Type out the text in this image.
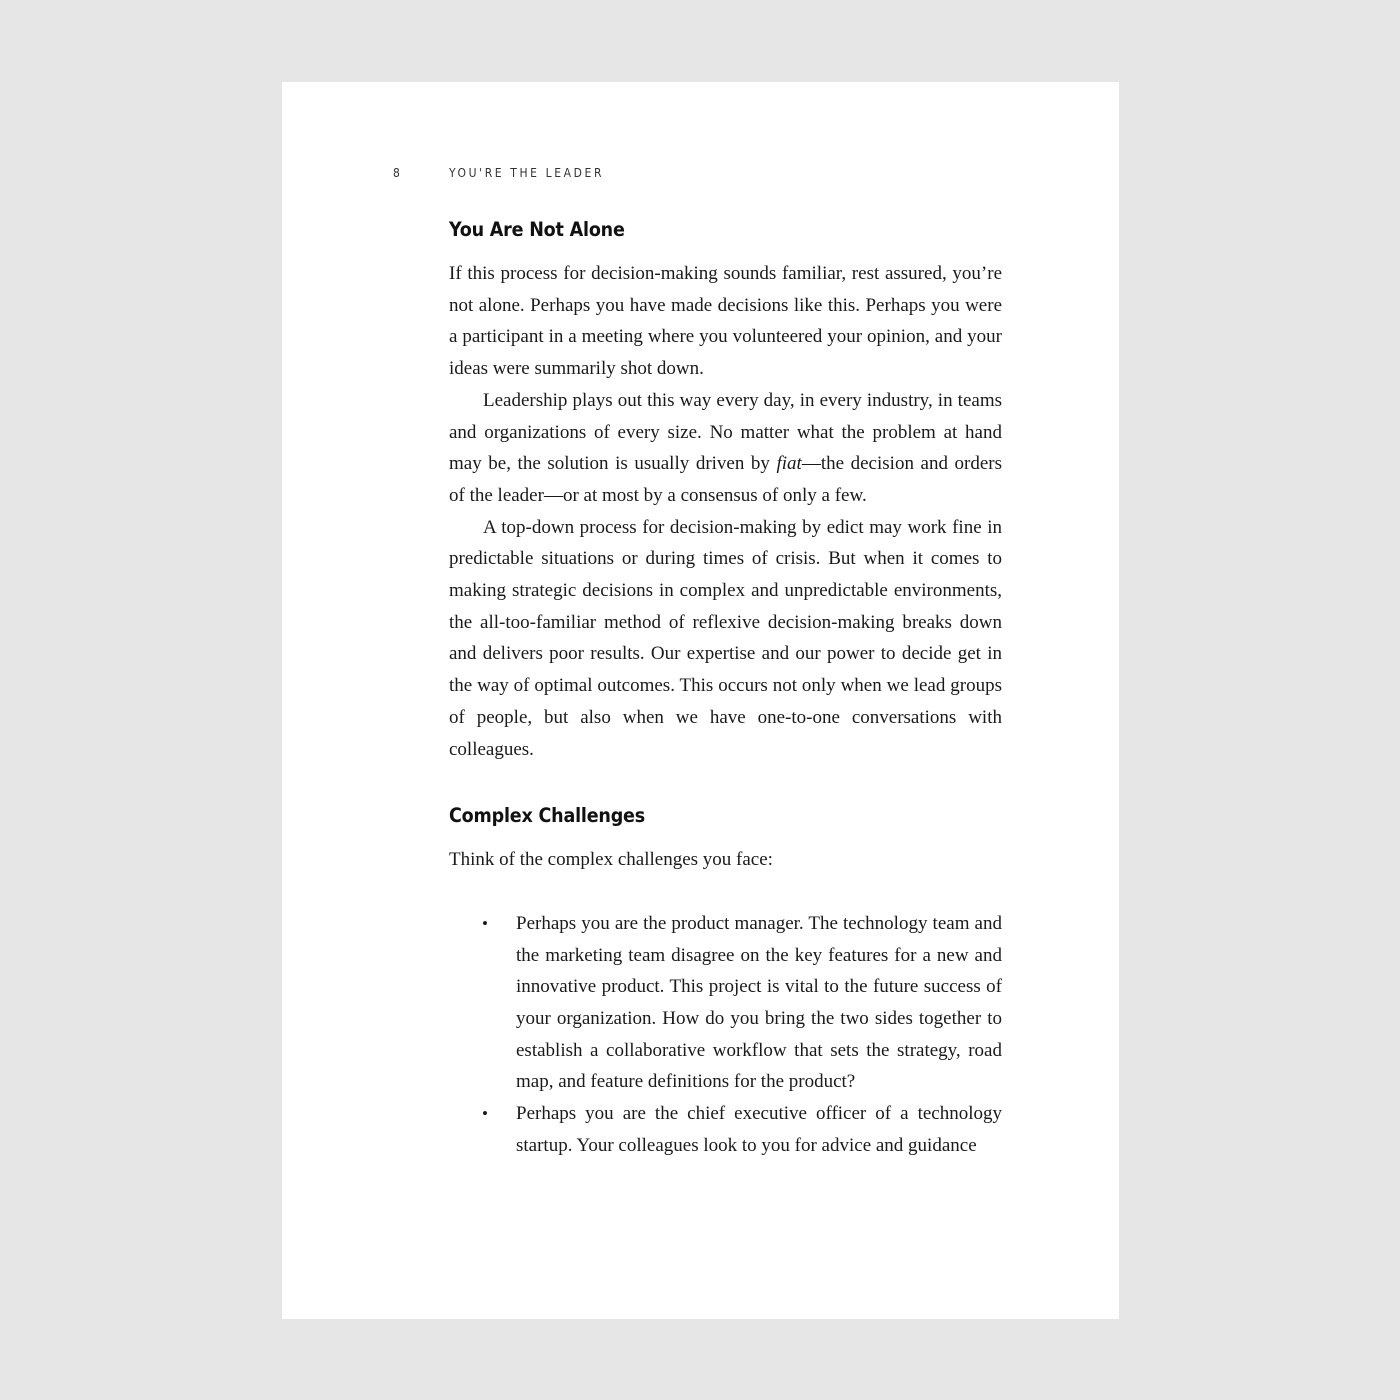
8	YOU'RE THE LEADER
You Are Not Alone

If this process for decision-making sounds familiar, rest assured, you’re not alone. Perhaps you have made decisions like this. Perhaps you were a participant in a meeting where you volunteered your opinion, and your ideas were summarily shot down.

Leadership plays out this way every day, in every industry, in teams and organizations of every size. No matter what the problem at hand may be, the solution is usually driven by fiat—the decision and orders of the leader—or at most by a consensus of only a few.

A top-down process for decision-making by edict may work fine in predictable situations or during times of crisis. But when it comes to making strategic decisions in complex and unpredictable environments, the all-too-familiar method of reflexive decision-making breaks down and delivers poor results. Our expertise and our power to decide get in the way of optimal outcomes. This occurs not only when we lead groups of people, but also when we have one-to-one conversations with colleagues.

Complex Challenges

Think of the complex challenges you face:

• Perhaps you are the product manager. The technology team and the marketing team disagree on the key features for a new and innovative product. This project is vital to the future success of your organization. How do you bring the two sides together to establish a collaborative workflow that sets the strategy, road map, and feature definitions for the product?
• Perhaps you are the chief executive officer of a technology startup. Your colleagues look to you for advice and guidance
